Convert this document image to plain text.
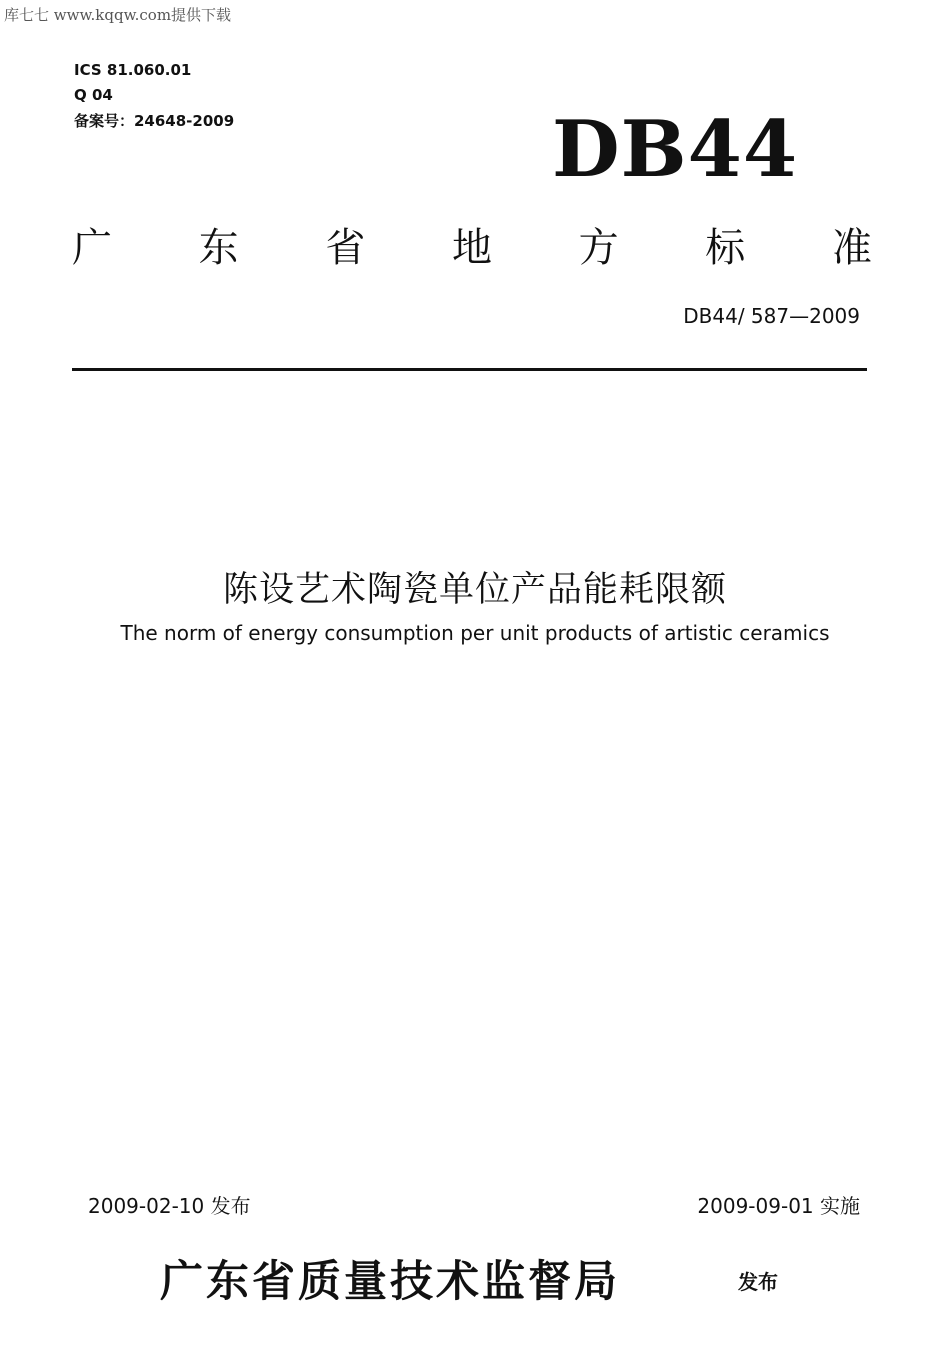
库七七 www.kqqw.com提供下载
ICS 81.060.01
Q 04
备案号：24648-2009	DB44
广 东 省 地 方 标 准
DB44/ 587—2009
陈设艺术陶瓷单位产品能耗限额
The norm of energy consumption per unit products of artistic ceramics
2009-02-10 发布	2009-09-01 实施
广东省质量技术监督局	发布
